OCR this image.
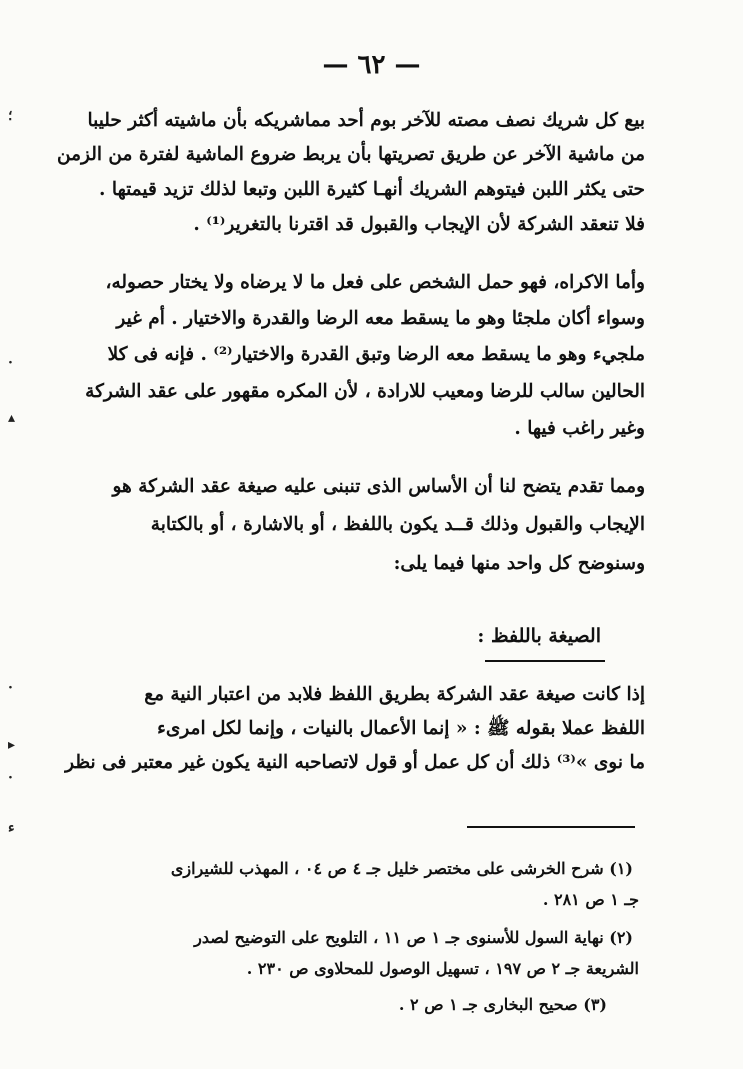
— ٦٢ —
بيع كل شريك نصف مصته للآخر بوم أحد مماشريكه بأن ماشيته أكثر حليبا
من ماشية الآخر عن طريق تصريتها بأن يربط ضروع الماشية لفترة من الزمن
حتى يكثر اللبن فيتوهم الشريك أنهـا كثيرة اللبن وتبعا لذلك تزيد قيمتها .
فلا تنعقد الشركة لأن الإيجاب والقبول قد اقترنا بالتغرير⁽¹⁾ .
وأما الاكراه، فهو حمل الشخص على فعل ما لا يرضاه ولا يختار حصوله،
وسواء أكان ملجئا وهو ما يسقط معه الرضا والقدرة والاختيار . أم غير
ملجيء وهو ما يسقط معه الرضا وتبق القدرة والاختيار⁽²⁾ . فإنه فى كلا
الحالين سالب للرضا ومعيب للارادة ، لأن المكره مقهور على عقد الشركة
وغير راغب فيها .
ومما تقدم يتضح لنا أن الأساس الذى تنبنى عليه صيغة عقد الشركة هو
الإيجاب والقبول وذلك قــد يكون باللفظ ، أو بالاشارة ، أو بالكتابة
وسنوضح كل واحد منها فيما يلى:
الصيغة باللفظ :
إذا كانت صيغة عقد الشركة بطريق اللفظ فلابد من اعتبار النية مع
اللفظ عملا بقوله ﷺ : « إنما الأعمال بالنيات ، وإنما لكل امرىء
ما نوى »⁽³⁾ ذلك أن كل عمل أو قول لاتصاحبه النية يكون غير معتبر فى نظر
(١) شرح الخرشى على مختصر خليل جـ ٤ ص ٠٤ ، المهذب للشيرازى
جـ ١ ص ٢٨١ .
(٢) نهاية السول للأسنوى جـ ١ ص ١١ ، التلويح على التوضيح لصدر
الشريعة جـ ٢ ص ١٩٧ ، تسهيل الوصول للمحلاوى ص ٢٣٠ .
(٣) صحيح البخارى جـ ١ ص ٢ .
؛
·
▴
·
▸
·
ء
